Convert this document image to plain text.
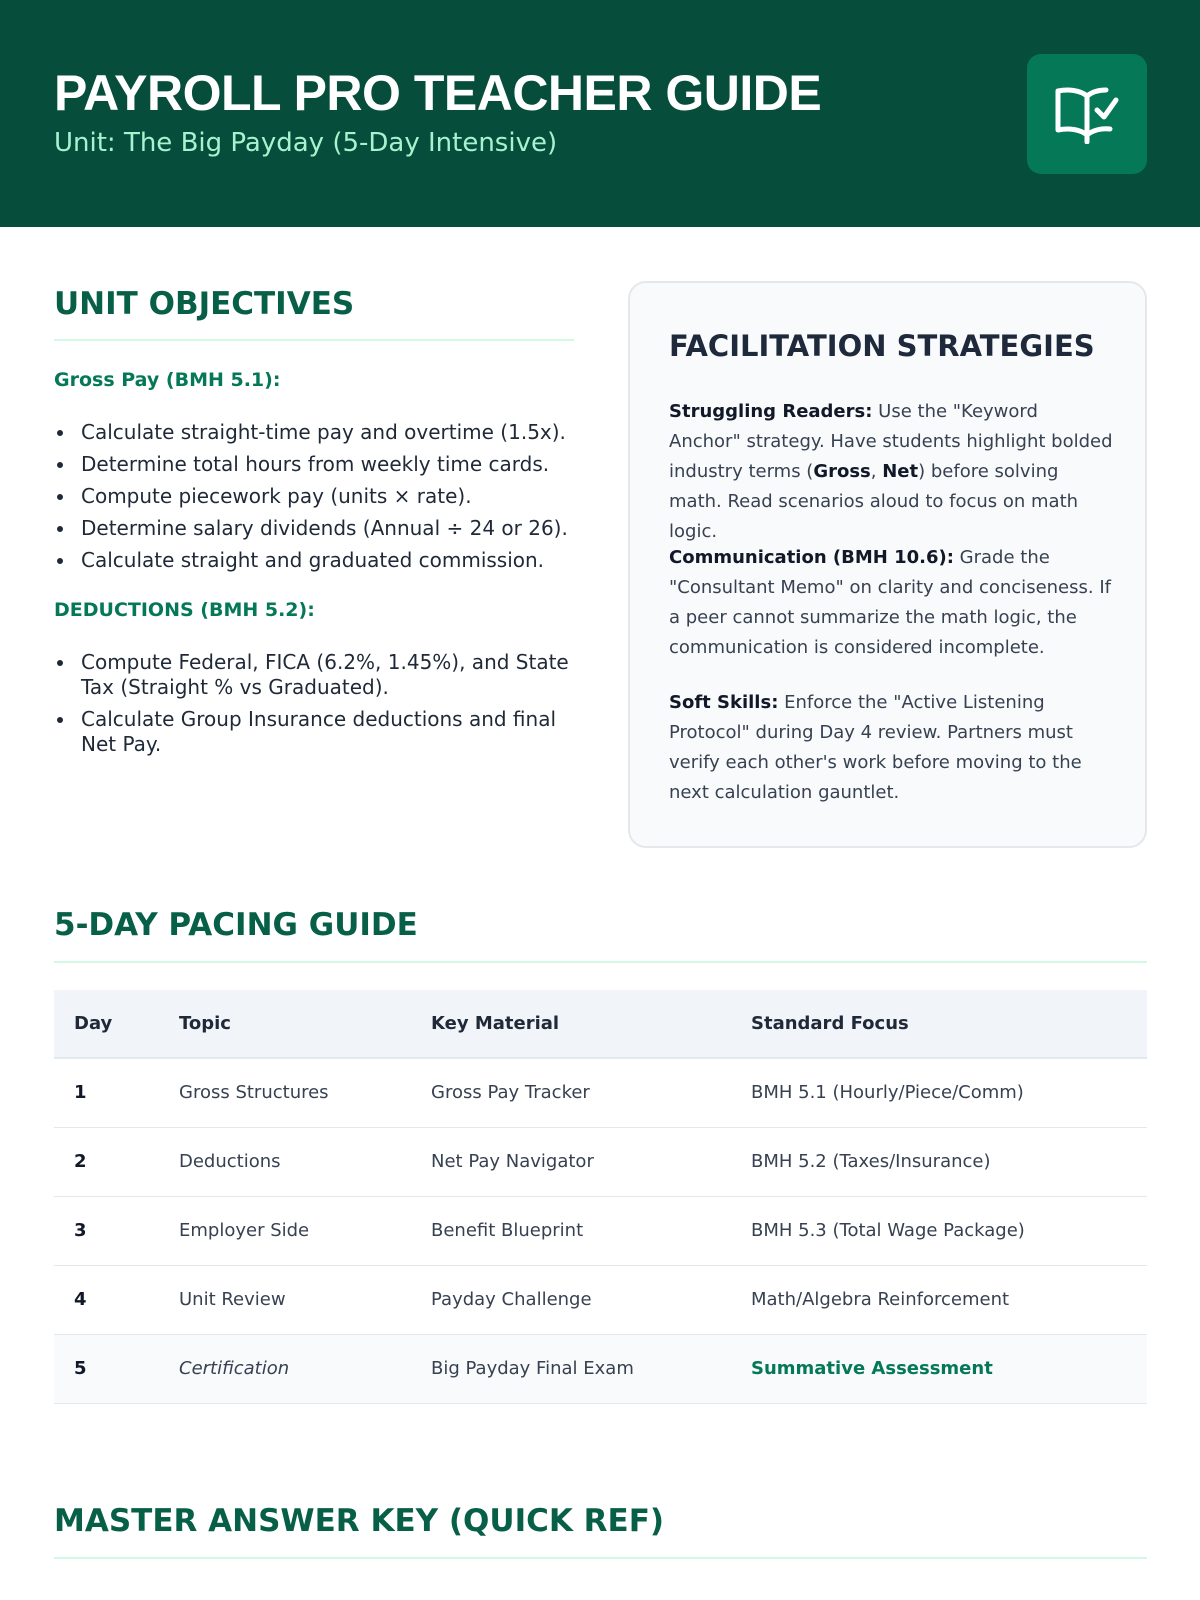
PAYROLL PRO TEACHER GUIDE
Unit: The Big Payday (5-Day Intensive)
UNIT OBJECTIVES
Gross Pay (BMH 5.1):
Calculate straight-time pay and overtime (1.5x).
Determine total hours from weekly time cards.
Compute piecework pay (units × rate).
Determine salary dividends (Annual ÷ 24 or 26).
Calculate straight and graduated commission.
DEDUCTIONS (BMH 5.2):
Compute Federal, FICA (6.2%, 1.45%), and State Tax (Straight % vs Graduated).
Calculate Group Insurance deductions and final Net Pay.
FACILITATION STRATEGIES
Struggling Readers: Use the "Keyword Anchor" strategy. Have students highlight bolded industry terms (Gross, Net) before solving math. Read scenarios aloud to focus on math logic.
Communication (BMH 10.6): Grade the "Consultant Memo" on clarity and conciseness. If a peer cannot summarize the math logic, the communication is considered incomplete.
Soft Skills: Enforce the "Active Listening Protocol" during Day 4 review. Partners must verify each other's work before moving to the next calculation gauntlet.
5-DAY PACING GUIDE
Day	Topic	Key Material	Standard Focus
1	Gross Structures	Gross Pay Tracker	BMH 5.1 (Hourly/Piece/Comm)
2	Deductions	Net Pay Navigator	BMH 5.2 (Taxes/Insurance)
3	Employer Side	Benefit Blueprint	BMH 5.3 (Total Wage Package)
4	Unit Review	Payday Challenge	Math/Algebra Reinforcement
5	Certification	Big Payday Final Exam	Summative Assessment
MASTER ANSWER KEY (QUICK REF)
